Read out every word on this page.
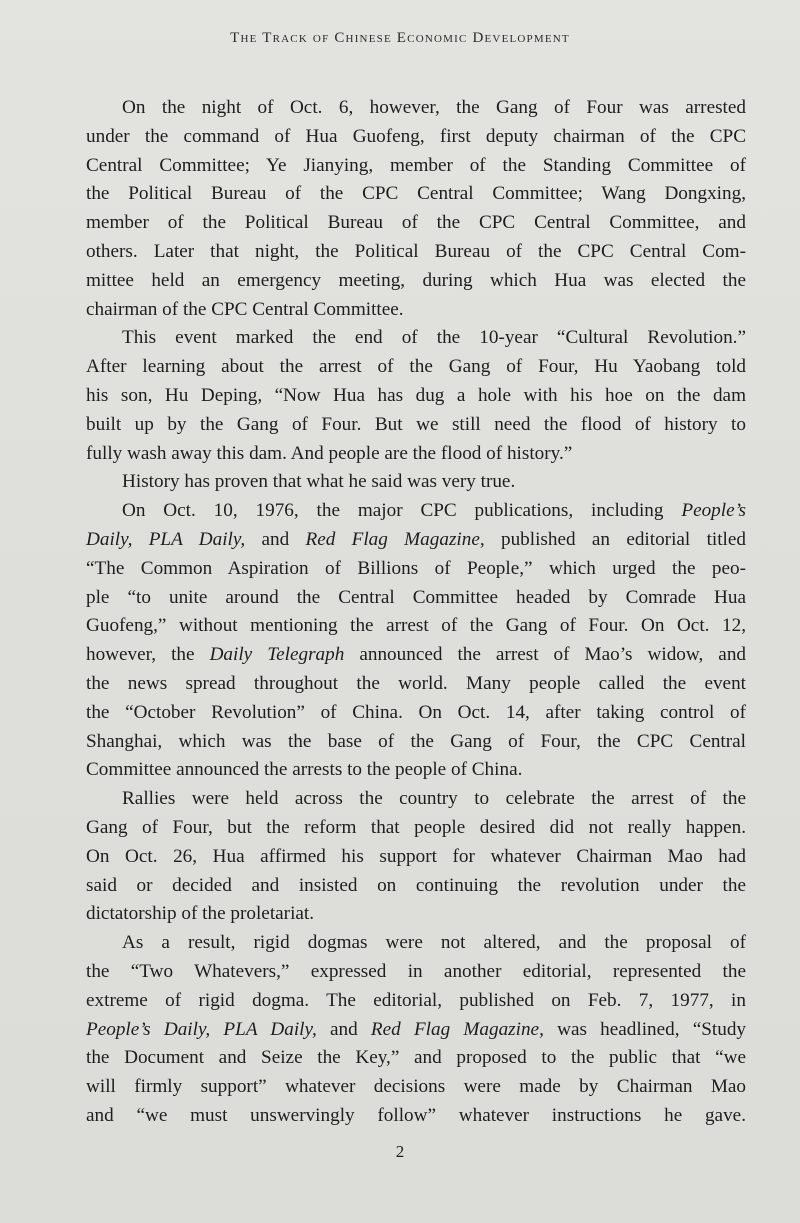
The Track of Chinese Economic Development

On the night of Oct. 6, however, the Gang of Four was arrested
under the command of Hua Guofeng, first deputy chairman of the CPC
Central Committee; Ye Jianying, member of the Standing Committee of
the Political Bureau of the CPC Central Committee; Wang Dongxing,
member of the Political Bureau of the CPC Central Committee, and
others. Later that night, the Political Bureau of the CPC Central Com-
mittee held an emergency meeting, during which Hua was elected the
chairman of the CPC Central Committee.

This event marked the end of the 10-year “Cultural Revolution.”
After learning about the arrest of the Gang of Four, Hu Yaobang told
his son, Hu Deping, “Now Hua has dug a hole with his hoe on the dam
built up by the Gang of Four. But we still need the flood of history to
fully wash away this dam. And people are the flood of history.”

History has proven that what he said was very true.

On Oct. 10, 1976, the major CPC publications, including People’s
Daily, PLA Daily, and Red Flag Magazine, published an editorial titled
“The Common Aspiration of Billions of People,” which urged the peo-
ple “to unite around the Central Committee headed by Comrade Hua
Guofeng,” without mentioning the arrest of the Gang of Four. On Oct. 12,
however, the Daily Telegraph announced the arrest of Mao’s widow, and
the news spread throughout the world. Many people called the event
the “October Revolution” of China. On Oct. 14, after taking control of
Shanghai, which was the base of the Gang of Four, the CPC Central
Committee announced the arrests to the people of China.

Rallies were held across the country to celebrate the arrest of the
Gang of Four, but the reform that people desired did not really happen.
On Oct. 26, Hua affirmed his support for whatever Chairman Mao had
said or decided and insisted on continuing the revolution under the
dictatorship of the proletariat.

As a result, rigid dogmas were not altered, and the proposal of
the “Two Whatevers,” expressed in another editorial, represented the
extreme of rigid dogma. The editorial, published on Feb. 7, 1977, in
People’s Daily, PLA Daily, and Red Flag Magazine, was headlined, “Study
the Document and Seize the Key,” and proposed to the public that “we
will firmly support” whatever decisions were made by Chairman Mao
and “we must unswervingly follow” whatever instructions he gave.

2
